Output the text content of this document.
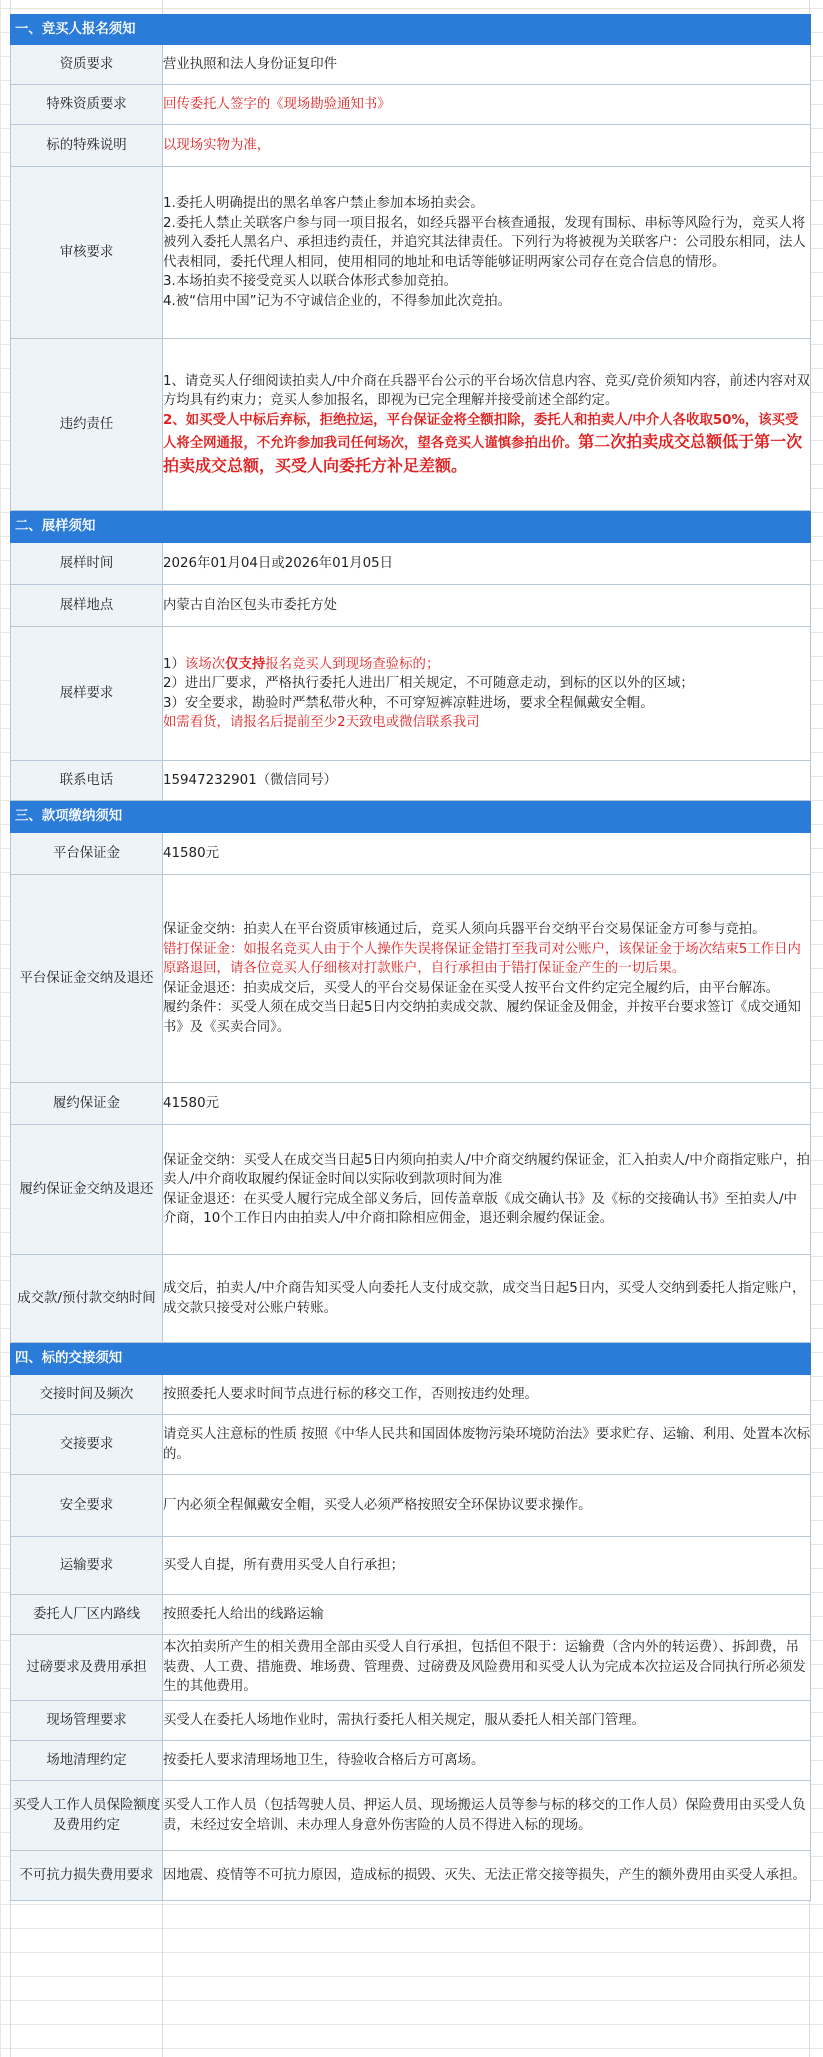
一、竞买人报名须知	
资质要求	营业执照和法人身份证复印件
特殊资质要求	回传委托人签字的《现场勘验通知书》
标的特殊说明	以现场实物为准，
审核要求	1.委托人明确提出的黑名单客户禁止参加本场拍卖会。

2.委托人禁止关联客户参与同一项目报名，如经兵器平台核查通报，发现有围标、串标等风险行为，竞买人将被列入委托人黑名户、承担违约责任，并追究其法律责任。下列行为将被视为关联客户：公司股东相同，法人代表相同，委托代理人相同，使用相同的地址和电话等能够证明两家公司存在竞合信息的情形。

3.本场拍卖不接受竞买人以联合体形式参加竞拍。

4.被“信用中国”记为不守诚信企业的，不得参加此次竞拍。

违约责任	1、请竞买人仔细阅读拍卖人/中介商在兵器平台公示的平台场次信息内容、竞买/竞价须知内容，前述内容对双方均具有约束力；竞买人参加报名，即视为已完全理解并接受前述全部约定。

2、如买受人中标后弃标，拒绝拉运，平台保证金将全额扣除，委托人和拍卖人/中介人各收取50%，该买受人将全网通报，不允许参加我司任何场次，望各竞买人谨慎参拍出价。第二次拍卖成交总额低于第一次拍卖成交总额，买受人向委托方补足差额。

二、展样须知	
展样时间	2026年01月04日或2026年01月05日
展样地点	内蒙古自治区包头市委托方处
展样要求	1）该场次仅支持报名竞买人到现场查验标的；

2）进出厂要求，严格执行委托人进出厂相关规定，不可随意走动，到标的区以外的区域；

3）安全要求，勘验时严禁私带火种，不可穿短裤凉鞋进场，要求全程佩戴安全帽。

如需看货，请报名后提前至少2天致电或微信联系我司

联系电话	15947232901（微信同号）
三、款项缴纳须知	
平台保证金	41580元
平台保证金交纳及退还	保证金交纳：拍卖人在平台资质审核通过后，竞买人须向兵器平台交纳平台交易保证金方可参与竞拍。

错打保证金：如报名竞买人由于个人操作失误将保证金错打至我司对公账户，该保证金于场次结束5工作日内原路退回，请各位竞买人仔细核对打款账户，自行承担由于错打保证金产生的一切后果。

保证金退还：拍卖成交后，买受人的平台交易保证金在买受人按平台文件约定完全履约后，由平台解冻。

履约条件：买受人须在成交当日起5日内交纳拍卖成交款、履约保证金及佣金，并按平台要求签订《成交通知书》及《买卖合同》。

履约保证金	41580元
履约保证金交纳及退还	保证金交纳：买受人在成交当日起5日内须向拍卖人/中介商交纳履约保证金，汇入拍卖人/中介商指定账户，拍卖人/中介商收取履约保证金时间以实际收到款项时间为准

保证金退还：在买受人履行完成全部义务后，回传盖章版《成交确认书》及《标的交接确认书》至拍卖人/中介商，10个工作日内由拍卖人/中介商扣除相应佣金，退还剩余履约保证金。

成交款/预付款交纳时间	成交后，拍卖人/中介商告知买受人向委托人支付成交款，成交当日起5日内，买受人交纳到委托人指定账户，成交款只接受对公账户转账。
四、标的交接须知	
交接时间及频次	按照委托人要求时间节点进行标的移交工作，否则按违约处理。
交接要求	请竞买人注意标的性质 按照《中华人民共和国固体废物污染环境防治法》要求贮存、运输、利用、处置本次标的。
安全要求	厂内必须全程佩戴安全帽，买受人必须严格按照安全环保协议要求操作。
运输要求	买受人自提，所有费用买受人自行承担；
委托人厂区内路线	按照委托人给出的线路运输
过磅要求及费用承担	本次拍卖所产生的相关费用全部由买受人自行承担，包括但不限于：运输费（含内外的转运费）、拆卸费，吊装费、人工费、措施费、堆场费、管理费、过磅费及风险费用和买受人认为完成本次拉运及合同执行所必须发生的其他费用。
现场管理要求	买受人在委托人场地作业时，需执行委托人相关规定，服从委托人相关部门管理。
场地清理约定	按委托人要求清理场地卫生，待验收合格后方可离场。
买受人工作人员保险额度及费用约定	买受人工作人员（包括驾驶人员、押运人员、现场搬运人员等参与标的移交的工作人员）保险费用由买受人负责，未经过安全培训、未办理人身意外伤害险的人员不得进入标的现场。
不可抗力损失费用要求	因地震、疫情等不可抗力原因，造成标的损毁、灭失、无法正常交接等损失，产生的额外费用由买受人承担。
